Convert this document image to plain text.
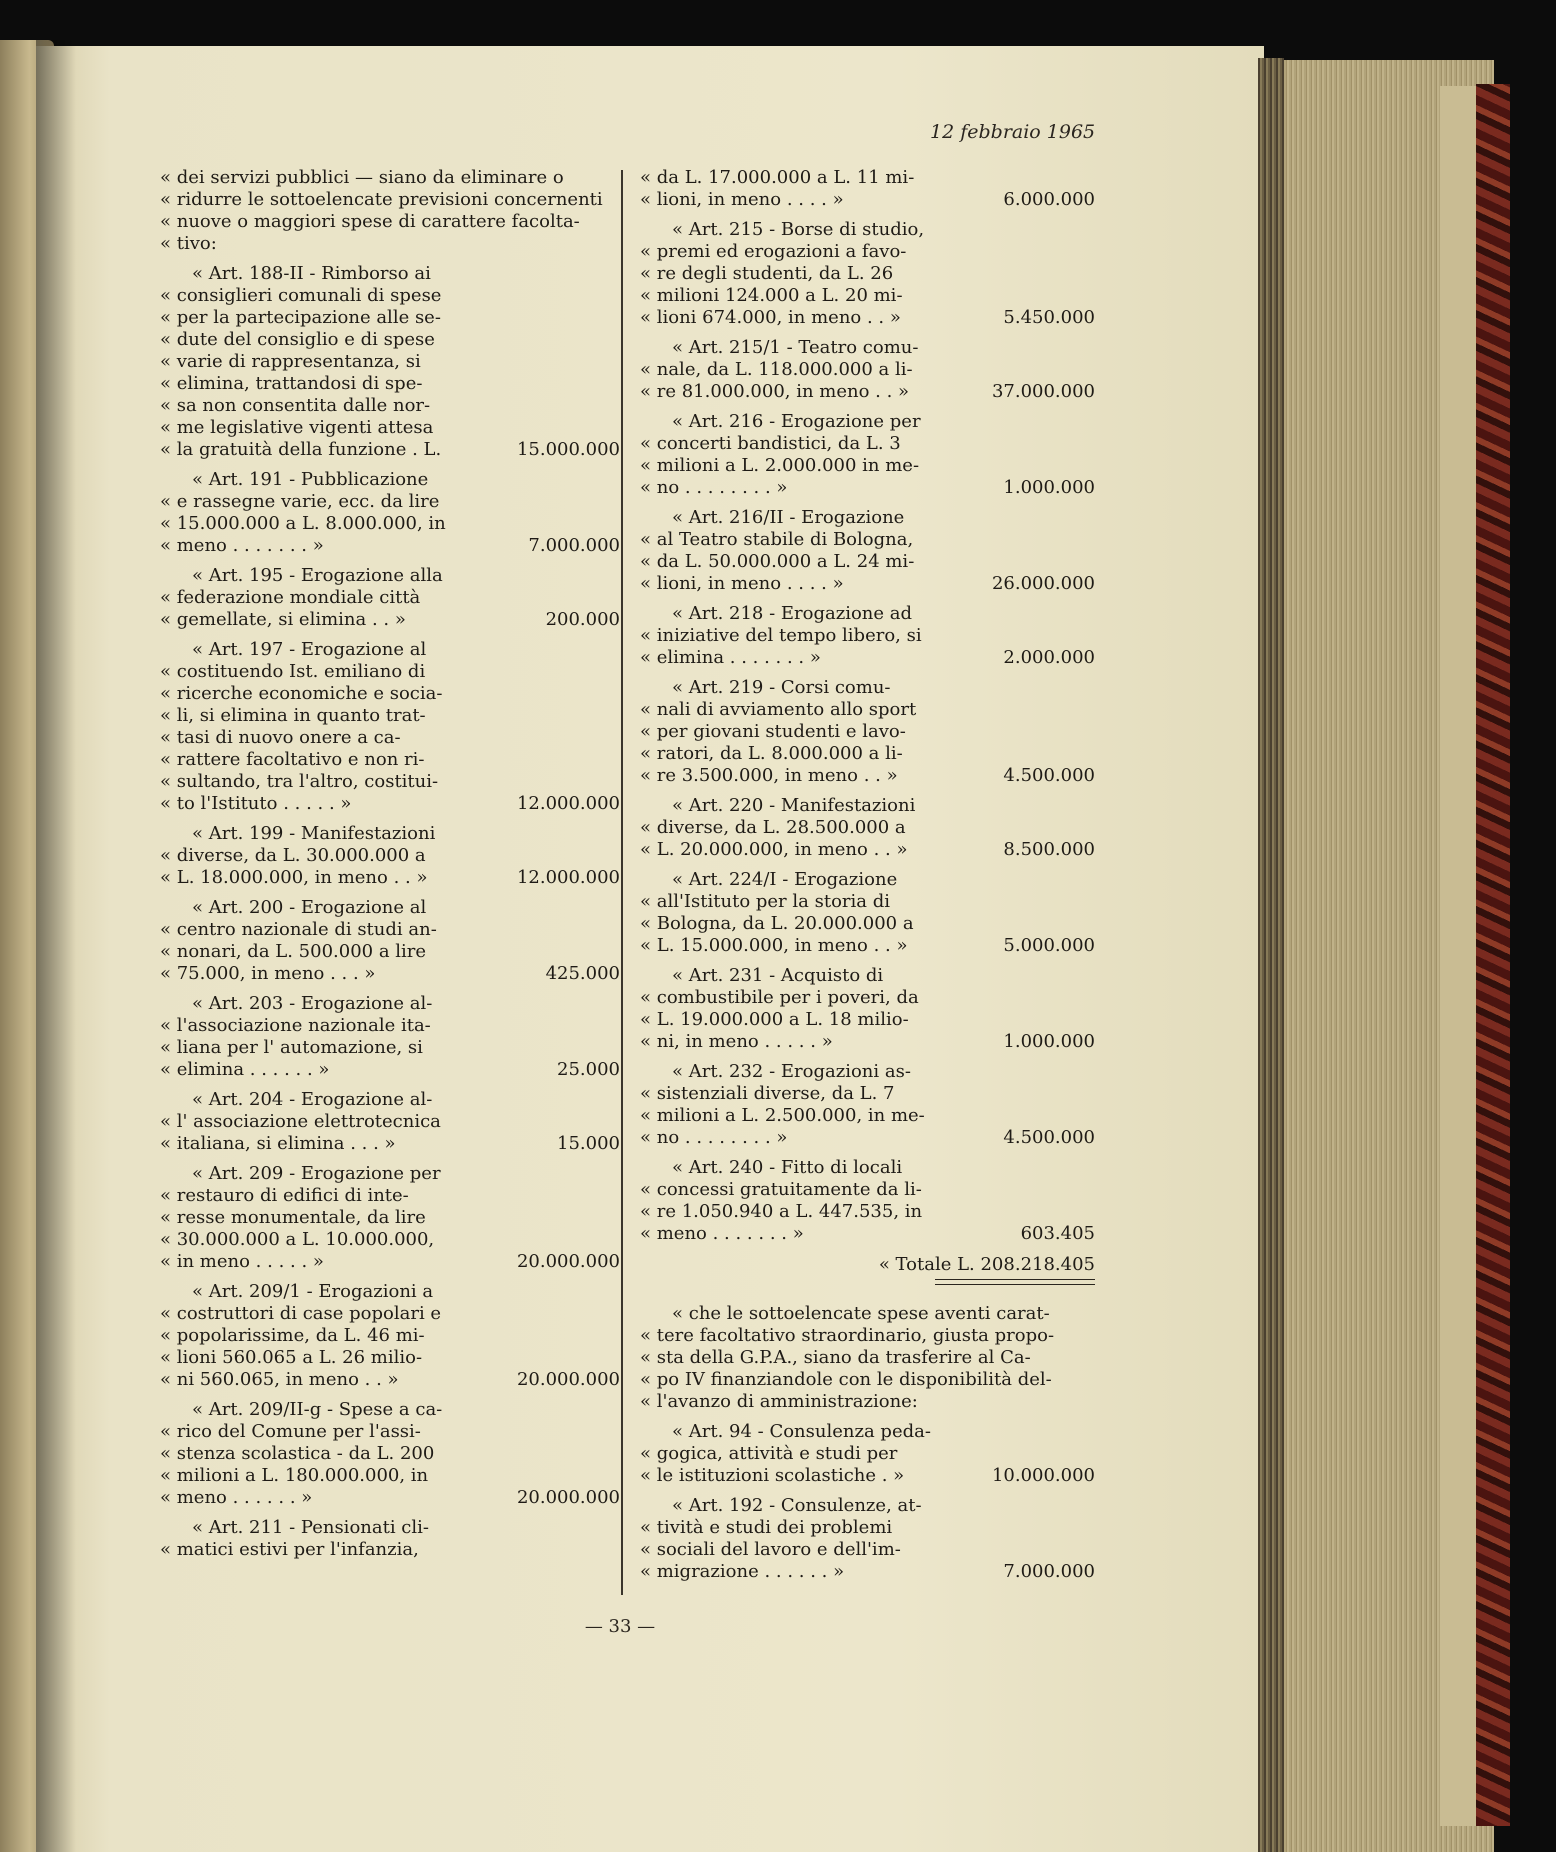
12 febbraio 1965
« dei servizi pubblici — siano da eliminare o
« ridurre le sottoelencate previsioni concernenti
« nuove o maggiori spese di carattere facolta-
« tivo:
« Art. 188-II - Rimborso ai
« consiglieri comunali di spese
« per la partecipazione alle se-
« dute del consiglio e di spese
« varie di rappresentanza, si
« elimina, trattandosi di spe-
« sa non consentita dalle nor-
« me legislative vigenti attesa
« la gratuità della funzione . L.	15.000.000
« Art. 191 - Pubblicazione
« e rassegne varie, ecc. da lire
« 15.000.000 a L. 8.000.000, in
« meno . . . . . . . »	7.000.000
« Art. 195 - Erogazione alla
« federazione mondiale città
« gemellate, si elimina . . »	200.000
« Art. 197 - Erogazione al
« costituendo Ist. emiliano di
« ricerche economiche e socia-
« li, si elimina in quanto trat-
« tasi di nuovo onere a ca-
« rattere facoltativo e non ri-
« sultando, tra l'altro, costitui-
« to l'Istituto . . . . . »	12.000.000
« Art. 199 - Manifestazioni
« diverse, da L. 30.000.000 a
« L. 18.000.000, in meno . . »	12.000.000
« Art. 200 - Erogazione al
« centro nazionale di studi an-
« nonari, da L. 500.000 a lire
« 75.000, in meno . . . »	425.000
« Art. 203 - Erogazione al-
« l'associazione nazionale ita-
« liana per l' automazione, si
« elimina . . . . . . »	25.000
« Art. 204 - Erogazione al-
« l' associazione elettrotecnica
« italiana, si elimina . . . »	15.000
« Art. 209 - Erogazione per
« restauro di edifici di inte-
« resse monumentale, da lire
« 30.000.000 a L. 10.000.000,
« in meno . . . . . »	20.000.000
« Art. 209/1 - Erogazioni a
« costruttori di case popolari e
« popolarissime, da L. 46 mi-
« lioni 560.065 a L. 26 milio-
« ni 560.065, in meno . . »	20.000.000
« Art. 209/II-g - Spese a ca-
« rico del Comune per l'assi-
« stenza scolastica - da L. 200
« milioni a L. 180.000.000, in
« meno . . . . . . »	20.000.000
« Art. 211 - Pensionati cli-
« matici estivi per l'infanzia,
« da L. 17.000.000 a L. 11 mi-
« lioni, in meno . . . . »	6.000.000
« Art. 215 - Borse di studio,
« premi ed erogazioni a favo-
« re degli studenti, da L. 26
« milioni 124.000 a L. 20 mi-
« lioni 674.000, in meno . . »	5.450.000
« Art. 215/1 - Teatro comu-
« nale, da L. 118.000.000 a li-
« re 81.000.000, in meno . . »	37.000.000
« Art. 216 - Erogazione per
« concerti bandistici, da L. 3
« milioni a L. 2.000.000 in me-
« no . . . . . . . . »	1.000.000
« Art. 216/II - Erogazione
« al Teatro stabile di Bologna,
« da L. 50.000.000 a L. 24 mi-
« lioni, in meno . . . . »	26.000.000
« Art. 218 - Erogazione ad
« iniziative del tempo libero, si
« elimina . . . . . . . »	2.000.000
« Art. 219 - Corsi comu-
« nali di avviamento allo sport
« per giovani studenti e lavo-
« ratori, da L. 8.000.000 a li-
« re 3.500.000, in meno . . »	4.500.000
« Art. 220 - Manifestazioni
« diverse, da L. 28.500.000 a
« L. 20.000.000, in meno . . »	8.500.000
« Art. 224/I - Erogazione
« all'Istituto per la storia di
« Bologna, da L. 20.000.000 a
« L. 15.000.000, in meno . . »	5.000.000
« Art. 231 - Acquisto di
« combustibile per i poveri, da
« L. 19.000.000 a L. 18 milio-
« ni, in meno . . . . . »	1.000.000
« Art. 232 - Erogazioni as-
« sistenziali diverse, da L. 7
« milioni a L. 2.500.000, in me-
« no . . . . . . . . »	4.500.000
« Art. 240 - Fitto di locali
« concessi gratuitamente da li-
« re 1.050.940 a L. 447.535, in
« meno . . . . . . . »	603.405
« Totale L. 208.218.405
« che le sottoelencate spese aventi carat-
« tere facoltativo straordinario, giusta propo-
« sta della G.P.A., siano da trasferire al Ca-
« po IV finanziandole con le disponibilità del-
« l'avanzo di amministrazione:
« Art. 94 - Consulenza peda-
« gogica, attività e studi per
« le istituzioni scolastiche . »	10.000.000
« Art. 192 - Consulenze, at-
« tività e studi dei problemi
« sociali del lavoro e dell'im-
« migrazione . . . . . . »	7.000.000
— 33 —
